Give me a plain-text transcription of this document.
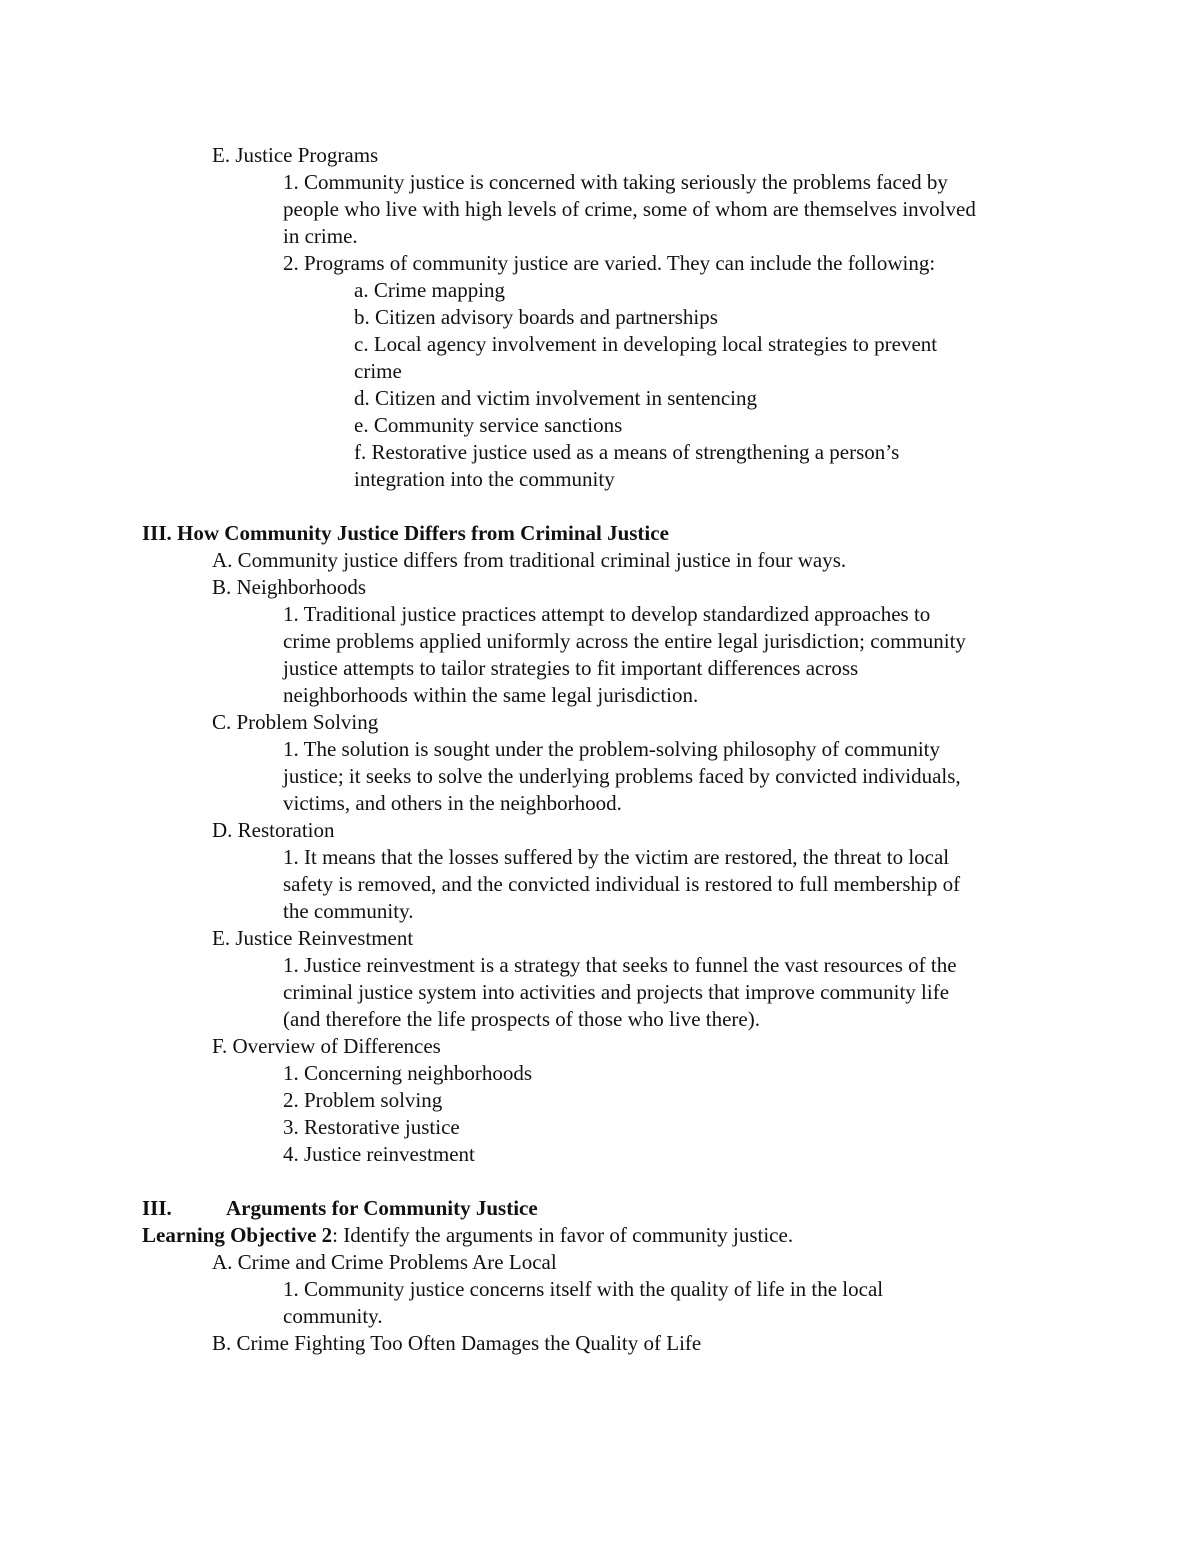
E. Justice Programs
1. Community justice is concerned with taking seriously the problems faced by
people who live with high levels of crime, some of whom are themselves involved
in crime.
2. Programs of community justice are varied. They can include the following:
a. Crime mapping
b. Citizen advisory boards and partnerships
c. Local agency involvement in developing local strategies to prevent
crime
d. Citizen and victim involvement in sentencing
e. Community service sanctions
f. Restorative justice used as a means of strengthening a person’s
integration into the community
III. How Community Justice Differs from Criminal Justice
A. Community justice differs from traditional criminal justice in four ways.
B. Neighborhoods
1. Traditional justice practices attempt to develop standardized approaches to
crime problems applied uniformly across the entire legal jurisdiction; community
justice attempts to tailor strategies to fit important differences across
neighborhoods within the same legal jurisdiction.
C. Problem Solving
1. The solution is sought under the problem-solving philosophy of community
justice; it seeks to solve the underlying problems faced by convicted individuals,
victims, and others in the neighborhood.
D. Restoration
1. It means that the losses suffered by the victim are restored, the threat to local
safety is removed, and the convicted individual is restored to full membership of
the community.
E. Justice Reinvestment
1. Justice reinvestment is a strategy that seeks to funnel the vast resources of the
criminal justice system into activities and projects that improve community life
(and therefore the life prospects of those who live there).
F. Overview of Differences
1. Concerning neighborhoods
2. Problem solving
3. Restorative justice
4. Justice reinvestment
III.	Arguments for Community Justice
Learning Objective 2: Identify the arguments in favor of community justice.
A. Crime and Crime Problems Are Local
1. Community justice concerns itself with the quality of life in the local
community.
B. Crime Fighting Too Often Damages the Quality of Life
